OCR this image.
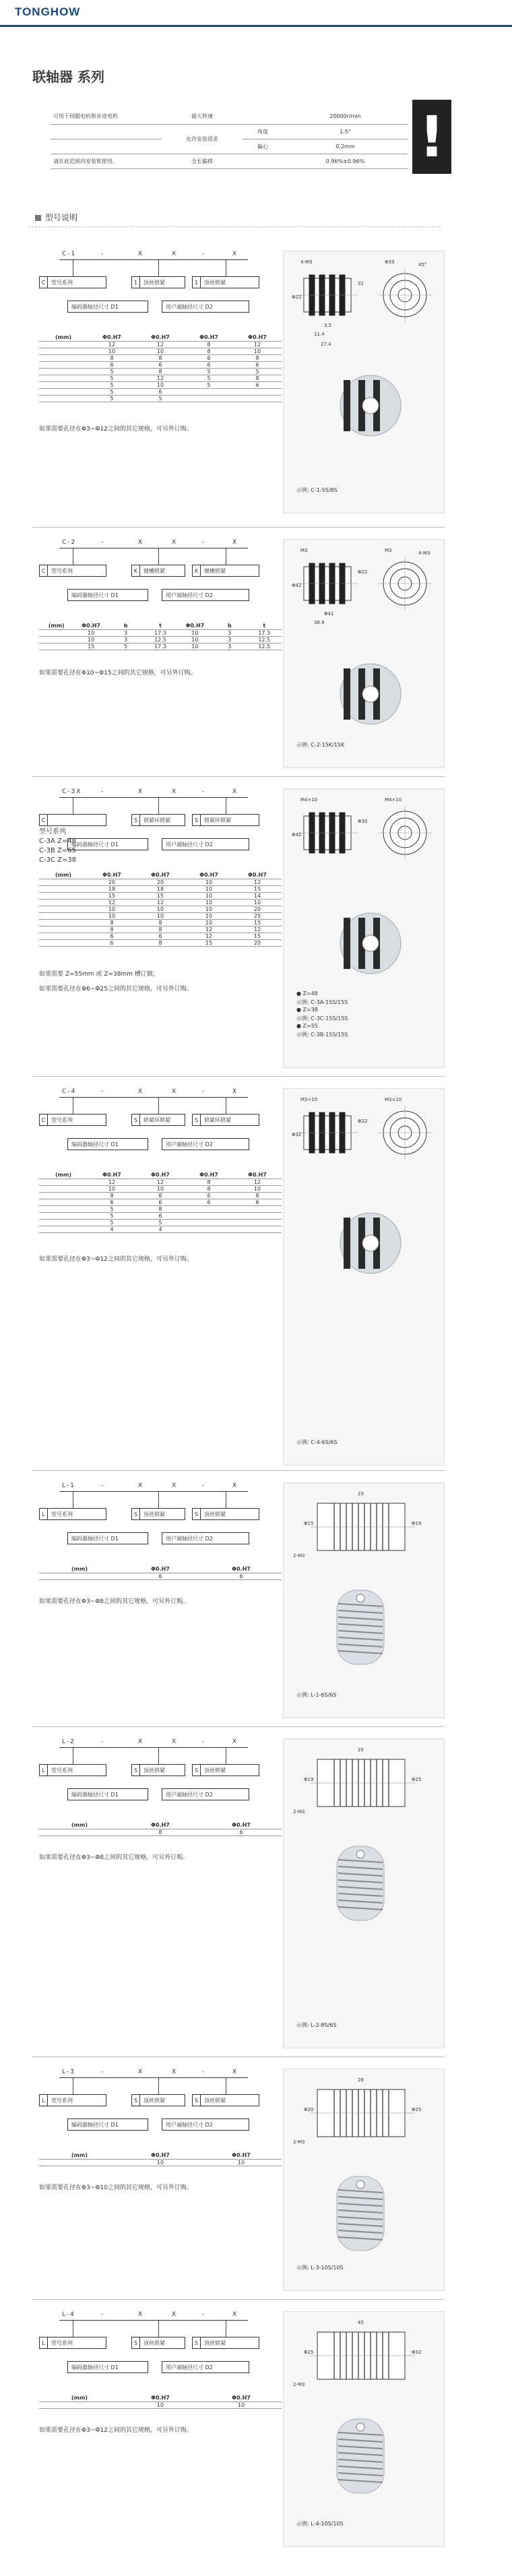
TONGHOW
联轴器 系列
可用于伺服电机和步进电机	最大转速		20000r/min
	允许安装误差	角度	1.5°
		偏心	0.2mm
请在此范围内安装和使用。	全长偏移		0.96%±0.96% !
型号说明
C-1	-	X	X	-	X
C	型号系列	1	顶丝锁紧	1	顶丝锁紧
编码器轴径尺寸 D1	用户端轴径尺寸 D2
(mm)	Φ0.H7	Φ0.H7	Φ0.H7	Φ0.H7
	12	12	8	12
	10	10	8	10
	8	8	6	8
	6	6	6	6
	5	8	5	5
	5	12	5	8
	5	10	5	6
	5	6		
	5	5		
如果需要孔径在Φ3~Φ12之间的其它规格，可另外订购。
4-M3	Φ33
Φ22
31
45°
3.5
11.4
27.4
示例: C-1-5S/8S
C-2	-	X	X	-	X
C	型号系列	K	键槽锁紧	K	键槽锁紧
编码器轴径尺寸 D1	用户端轴径尺寸 D2
(mm)	Φ0.H7	b	t	Φ0.H7	b	t
	10	3	17.3	10	3	17.3
	10	3	12.5	10	3	12.5
	15	5	17.3	10	3	12.5
如果需要孔径在Φ10~Φ15之间的其它规格，可另外订购。
M3	M3
Φ42
Φ22
4-M3
Φ41
38.9
示例: C-2-15K/15K
C-3X	-	X	X	-	X
型号系列
C-3A Z=48
C-3B Z=65
C-3C Z=38
C	S	锁紧环锁紧	S	锁紧环锁紧
编码器轴径尺寸 D1	用户端轴径尺寸 D2
(mm)	Φ0.H7	Φ0.H7	Φ0.H7	Φ0.H7
	20	20	10	12
	18	18	10	15
	15	15	10	14
	12	12	10	10
	10	10	10	20
	10	10	10	25
	8	8	10	15
	8	8	12	12
	6	6	12	15
	6	8	15	20
如果需要 Z=55mm 或 Z=38mm 槽订做。
如果需要孔径在Φ6~Φ25之间的其它规格，可另外订购。
M4×10	M4×10
Φ42
Φ30
● Z=48
示例: C-3A-15S/15S
● Z=38
示例: C-3C-15S/15S
● Z=55
示例: C-3B-15S/15S
C-4	-	X	X	-	X
C	型号系列	S	锁紧环锁紧	S	锁紧环锁紧
编码器轴径尺寸 D1	用户端轴径尺寸 D2
(mm)	Φ0.H7	Φ0.H7	Φ0.H7	Φ0.H7
	12	12	8	12
	10	10	8	10
	8	8	6	8
	6	6	6	6
	5	8		
	5	6		
	5	5		
	4	4		
如果需要孔径在Φ3~Φ12之间的其它规格，可另外订购。
M3×10	M3×10
Φ32
Φ22
示例: C-4-6S/6S
L-1	-	X	X	-	X
L	型号系列	S	顶丝锁紧	S	顶丝锁紧
编码器轴径尺寸 D1	用户端轴径尺寸 D2
(mm)	Φ0.H7	Φ0.H7
	6	6
如果需要孔径在Φ3~Φ8之间的其它规格，可另外订购。
23
2-M3
Φ15	Φ19
示例: L-1-6S/6S
L-2	-	X	X	-	X
L	型号系列	S	顶丝锁紧	S	顶丝锁紧
编码器轴径尺寸 D1	用户端轴径尺寸 D2
(mm)	Φ0.H7	Φ0.H7
	8	6
如果需要孔径在Φ3~Φ8之间的其它规格，可另外订购。
25
2-M3
Φ19	Φ25
示例: L-2-8S/6S
L-3	-	X	X	-	X
L	型号系列	S	顶丝锁紧	S	顶丝锁紧
编码器轴径尺寸 D1	用户端轴径尺寸 D2
(mm)	Φ0.H7	Φ0.H7
	10	10
如果需要孔径在Φ3~Φ10之间的其它规格，可另外订购。
26
2-M3
Φ20	Φ25
示例: L-3-10S/10S
L-4	-	X	X	-	X
L	型号系列	S	顶丝锁紧	S	顶丝锁紧
编码器轴径尺寸 D1	用户端轴径尺寸 D2
(mm)	Φ0.H7	Φ0.H7
	10	10
如果需要孔径在Φ3~Φ12之间的其它规格，可另外订购。
45
2-M3
Φ25	Φ32
示例: L-4-10S/10S
